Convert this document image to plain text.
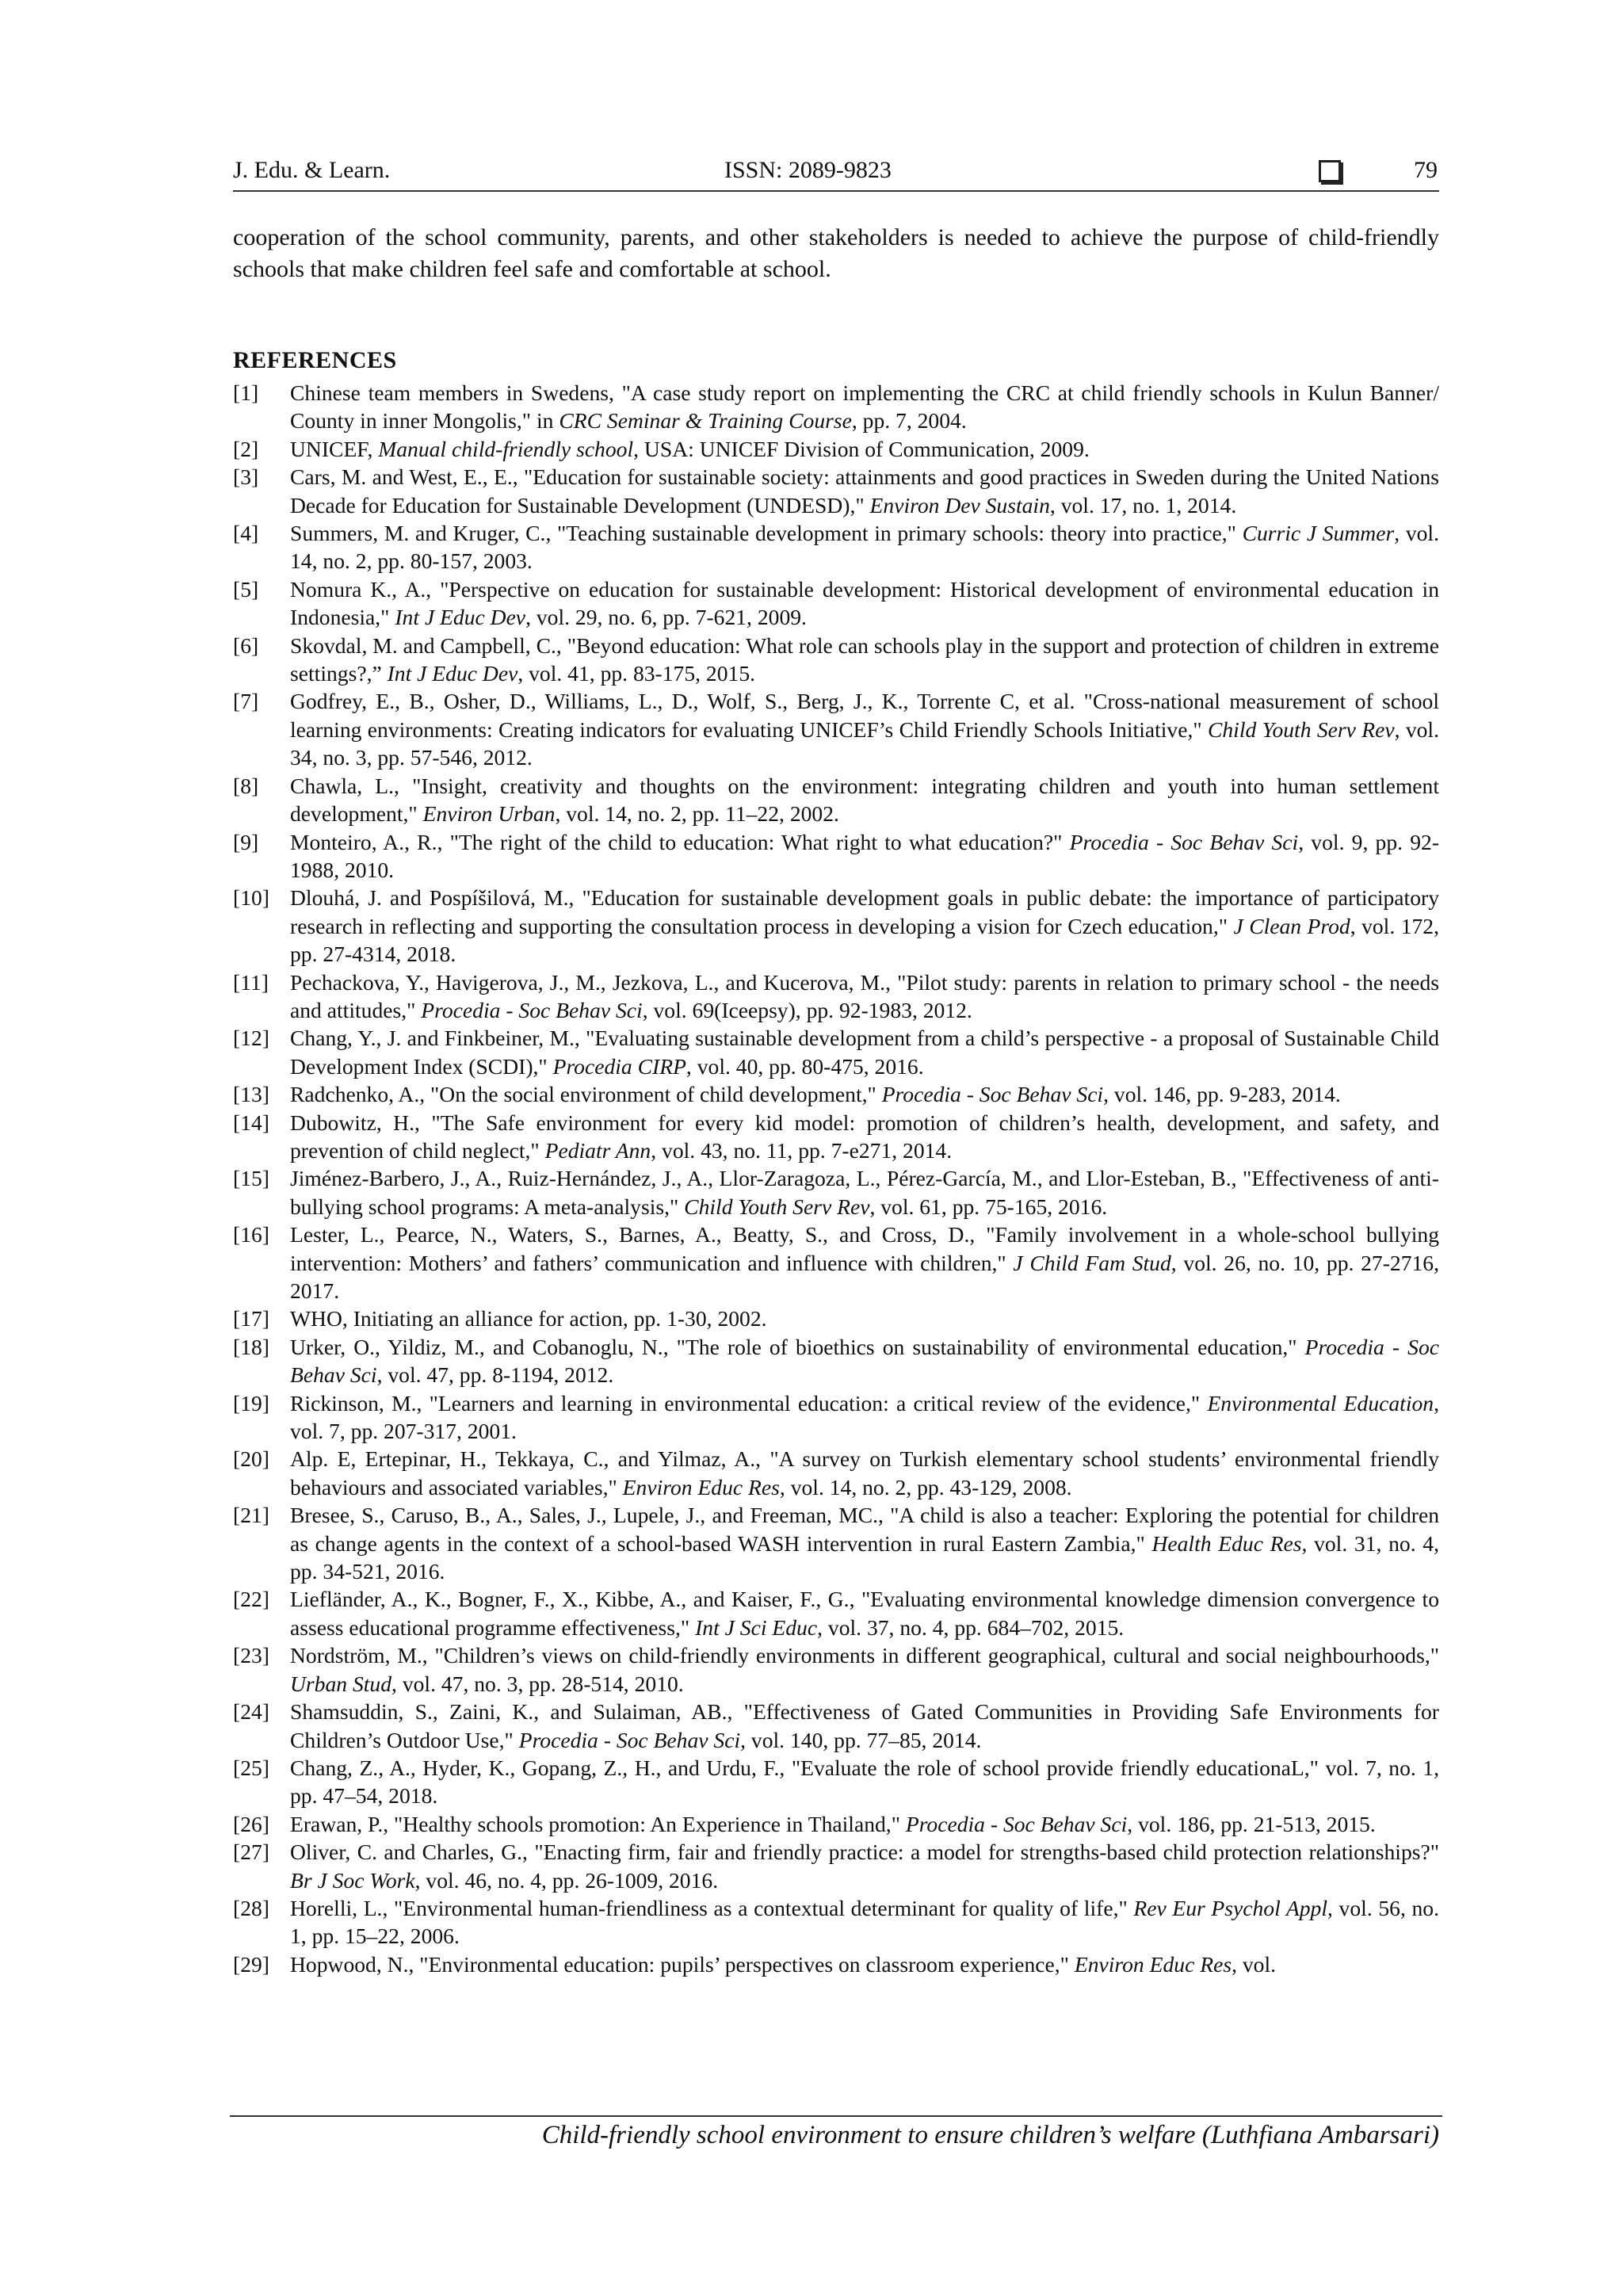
J. Edu. & Learn.	ISSN: 2089-9823	79

cooperation of the school community, parents, and other stakeholders is needed to achieve the purpose of child-friendly schools that make children feel safe and comfortable at school.

REFERENCES
[1]	Chinese team members in Swedens, "A case study report on implementing the CRC at child friendly schools in Kulun Banner/ County in inner Mongolis," in CRC Seminar & Training Course, pp. 7, 2004.
[2]	UNICEF, Manual child-friendly school, USA: UNICEF Division of Communication, 2009.
[3]	Cars, M. and West, E., E., "Education for sustainable society: attainments and good practices in Sweden during the United Nations Decade for Education for Sustainable Development (UNDESD)," Environ Dev Sustain, vol. 17, no. 1, 2014.
[4]	Summers, M. and Kruger, C., "Teaching sustainable development in primary schools: theory into practice," Curric J Summer, vol. 14, no. 2, pp. 80-157, 2003.
[5]	Nomura K., A., "Perspective on education for sustainable development: Historical development of environmental education in Indonesia," Int J Educ Dev, vol. 29, no. 6, pp. 7-621, 2009.
[6]	Skovdal, M. and Campbell, C., "Beyond education: What role can schools play in the support and protection of children in extreme settings?,” Int J Educ Dev, vol. 41, pp. 83-175, 2015.
[7]	Godfrey, E., B., Osher, D., Williams, L., D., Wolf, S., Berg, J., K., Torrente C, et al. "Cross-national measurement of school learning environments: Creating indicators for evaluating UNICEF’s Child Friendly Schools Initiative," Child Youth Serv Rev, vol. 34, no. 3, pp. 57-546, 2012.
[8]	Chawla, L., "Insight, creativity and thoughts on the environment: integrating children and youth into human settlement development," Environ Urban, vol. 14, no. 2, pp. 11–22, 2002.
[9]	Monteiro, A., R., "The right of the child to education: What right to what education?" Procedia - Soc Behav Sci, vol. 9, pp. 92-1988, 2010.
[10] Dlouhá, J. and Pospíšilová, M., "Education for sustainable development goals in public debate: the importance of participatory research in reflecting and supporting the consultation process in developing a vision for Czech education," J Clean Prod, vol. 172, pp. 27-4314, 2018.
[11] Pechackova, Y., Havigerova, J., M., Jezkova, L., and Kucerova, M., "Pilot study: parents in relation to primary school - the needs and attitudes," Procedia - Soc Behav Sci, vol. 69(Iceepsy), pp. 92-1983, 2012.
[12] Chang, Y., J. and Finkbeiner, M., "Evaluating sustainable development from a child’s perspective - a proposal of Sustainable Child Development Index (SCDI)," Procedia CIRP, vol. 40, pp. 80-475, 2016.
[13] Radchenko, A., "On the social environment of child development," Procedia - Soc Behav Sci, vol. 146, pp. 9-283, 2014.
[14] Dubowitz, H., "The Safe environment for every kid model: promotion of children’s health, development, and safety, and prevention of child neglect," Pediatr Ann, vol. 43, no. 11, pp. 7-e271, 2014.
[15] Jiménez-Barbero, J., A., Ruiz-Hernández, J., A., Llor-Zaragoza, L., Pérez-García, M., and Llor-Esteban, B., "Effectiveness of anti-bullying school programs: A meta-analysis," Child Youth Serv Rev, vol. 61, pp. 75-165, 2016.
[16] Lester, L., Pearce, N., Waters, S., Barnes, A., Beatty, S., and Cross, D., "Family involvement in a whole-school bullying intervention: Mothers’ and fathers’ communication and influence with children," J Child Fam Stud, vol. 26, no. 10, pp. 27-2716, 2017.
[17] WHO, Initiating an alliance for action, pp. 1-30, 2002.
[18] Urker, O., Yildiz, M., and Cobanoglu, N., "The role of bioethics on sustainability of environmental education," Procedia - Soc Behav Sci, vol. 47, pp. 8-1194, 2012.
[19] Rickinson, M., "Learners and learning in environmental education: a critical review of the evidence," Environmental Education, vol. 7, pp. 207-317, 2001.
[20] Alp. E, Ertepinar, H., Tekkaya, C., and Yilmaz, A., "A survey on Turkish elementary school students’ environmental friendly behaviours and associated variables," Environ Educ Res, vol. 14, no. 2, pp. 43-129, 2008.
[21] Bresee, S., Caruso, B., A., Sales, J., Lupele, J., and Freeman, MC., "A child is also a teacher: Exploring the potential for children as change agents in the context of a school-based WASH intervention in rural Eastern Zambia," Health Educ Res, vol. 31, no. 4, pp. 34-521, 2016.
[22] Liefländer, A., K., Bogner, F., X., Kibbe, A., and Kaiser, F., G., "Evaluating environmental knowledge dimension convergence to assess educational programme effectiveness," Int J Sci Educ, vol. 37, no. 4, pp. 684–702, 2015.
[23] Nordström, M., "Children’s views on child-friendly environments in different geographical, cultural and social neighbourhoods," Urban Stud, vol. 47, no. 3, pp. 28-514, 2010.
[24] Shamsuddin, S., Zaini, K., and Sulaiman, AB., "Effectiveness of Gated Communities in Providing Safe Environments for Children’s Outdoor Use," Procedia - Soc Behav Sci, vol. 140, pp. 77–85, 2014.
[25] Chang, Z., A., Hyder, K., Gopang, Z., H., and Urdu, F., "Evaluate the role of school provide friendly educationaL," vol. 7, no. 1, pp. 47–54, 2018.
[26] Erawan, P., "Healthy schools promotion: An Experience in Thailand," Procedia - Soc Behav Sci, vol. 186, pp. 21-513, 2015.
[27] Oliver, C. and Charles, G., "Enacting firm, fair and friendly practice: a model for strengths-based child protection relationships?" Br J Soc Work, vol. 46, no. 4, pp. 26-1009, 2016.
[28] Horelli, L., "Environmental human-friendliness as a contextual determinant for quality of life," Rev Eur Psychol Appl, vol. 56, no. 1, pp. 15–22, 2006.
[29] Hopwood, N., "Environmental education: pupils’ perspectives on classroom experience," Environ Educ Res, vol.
Child-friendly school environment to ensure children’s welfare (Luthfiana Ambarsari)
